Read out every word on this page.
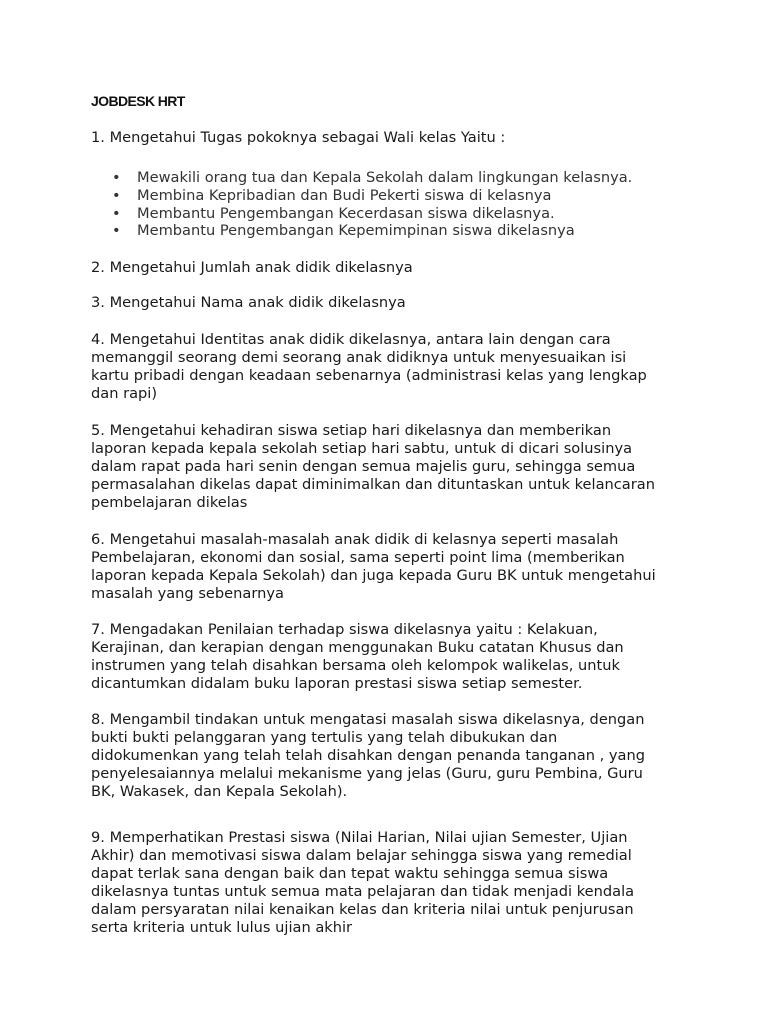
JOBDESK HRT
1. Mengetahui Tugas pokoknya sebagai Wali kelas Yaitu :
• Mewakili orang tua dan Kepala Sekolah dalam lingkungan kelasnya.
• Membina Kepribadian dan Budi Pekerti siswa di kelasnya
• Membantu Pengembangan Kecerdasan siswa dikelasnya.
• Membantu Pengembangan Kepemimpinan siswa dikelasnya
2. Mengetahui Jumlah anak didik dikelasnya
3. Mengetahui Nama anak didik dikelasnya
4. Mengetahui Identitas anak didik dikelasnya, antara lain dengan cara
memanggil seorang demi seorang anak didiknya untuk menyesuaikan isi
kartu pribadi dengan keadaan sebenarnya (administrasi kelas yang lengkap
dan rapi)
5. Mengetahui kehadiran siswa setiap hari dikelasnya dan memberikan
laporan kepada kepala sekolah setiap hari sabtu, untuk di dicari solusinya
dalam rapat pada hari senin dengan semua majelis guru, sehingga semua
permasalahan dikelas dapat diminimalkan dan dituntaskan untuk kelancaran
pembelajaran dikelas
6. Mengetahui masalah-masalah anak didik di kelasnya seperti masalah
Pembelajaran, ekonomi dan sosial, sama seperti point lima (memberikan
laporan kepada Kepala Sekolah) dan juga kepada Guru BK untuk mengetahui
masalah yang sebenarnya
7. Mengadakan Penilaian terhadap siswa dikelasnya yaitu : Kelakuan,
Kerajinan, dan kerapian dengan menggunakan Buku catatan Khusus dan
instrumen yang telah disahkan bersama oleh kelompok walikelas, untuk
dicantumkan didalam buku laporan prestasi siswa setiap semester.
8. Mengambil tindakan untuk mengatasi masalah siswa dikelasnya, dengan
bukti bukti pelanggaran yang tertulis yang telah dibukukan dan
didokumenkan yang telah telah disahkan dengan penanda tanganan , yang
penyelesaiannya melalui mekanisme yang jelas (Guru, guru Pembina, Guru
BK, Wakasek, dan Kepala Sekolah).
9. Memperhatikan Prestasi siswa (Nilai Harian, Nilai ujian Semester, Ujian
Akhir) dan memotivasi siswa dalam belajar sehingga siswa yang remedial
dapat terlak sana dengan baik dan tepat waktu sehingga semua siswa
dikelasnya tuntas untuk semua mata pelajaran dan tidak menjadi kendala
dalam persyaratan nilai kenaikan kelas dan kriteria nilai untuk penjurusan
serta kriteria untuk lulus ujian akhir
